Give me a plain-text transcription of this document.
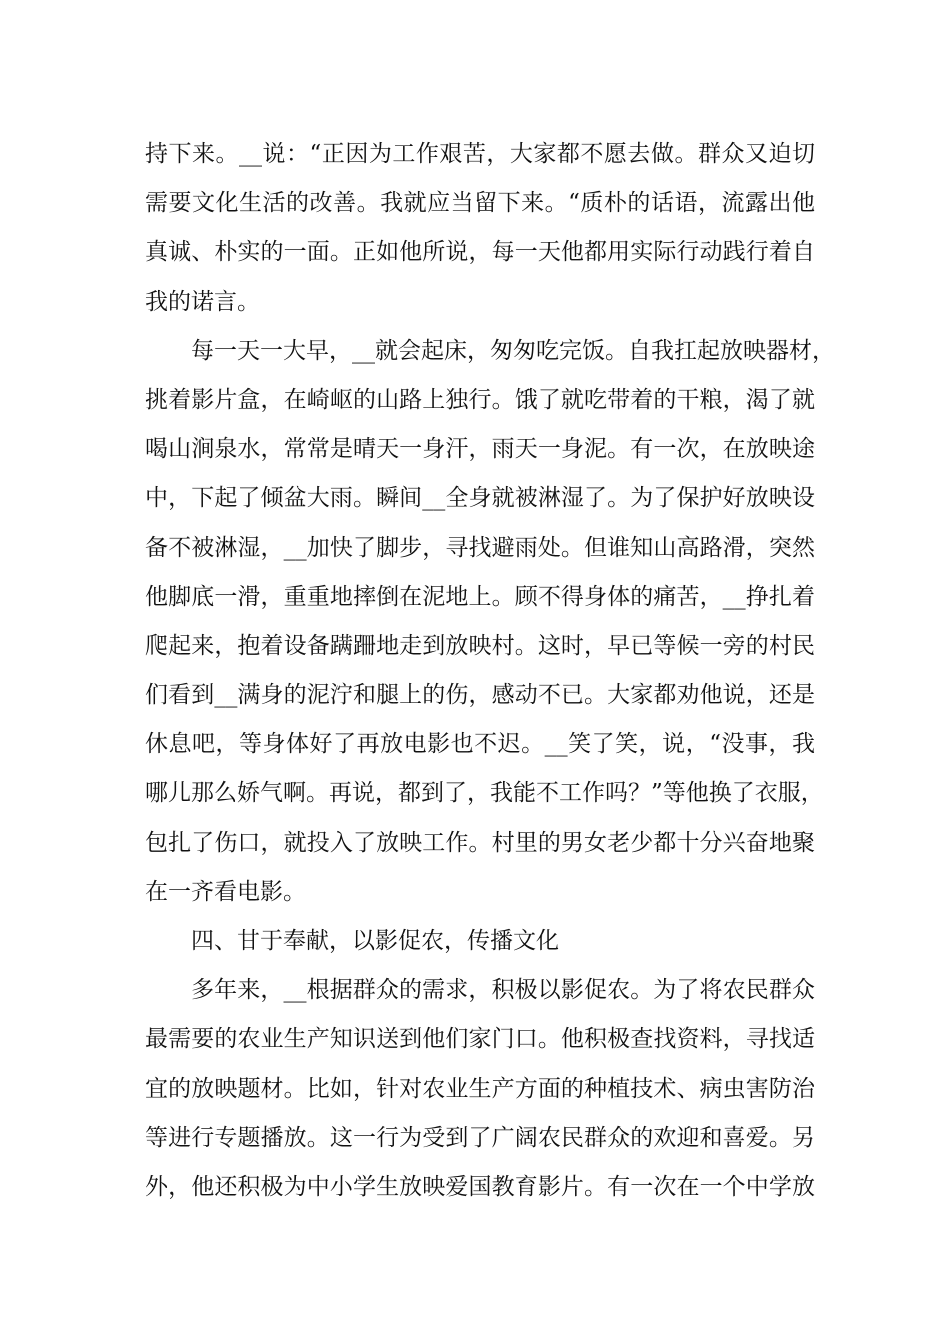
持下来。__说：“正因为工作艰苦，大家都不愿去做。群众又迫切
需要文化生活的改善。我就应当留下来。“质朴的话语，流露出他
真诚、朴实的一面。正如他所说，每一天他都用实际行动践行着自
我的诺言。
每一天一大早，__就会起床，匆匆吃完饭。自我扛起放映器材，
挑着影片盒，在崎岖的山路上独行。饿了就吃带着的干粮，渴了就
喝山涧泉水，常常是晴天一身汗，雨天一身泥。有一次，在放映途
中，下起了倾盆大雨。瞬间__全身就被淋湿了。为了保护好放映设
备不被淋湿，__加快了脚步，寻找避雨处。但谁知山高路滑，突然
他脚底一滑，重重地摔倒在泥地上。顾不得身体的痛苦，__挣扎着
爬起来，抱着设备蹒跚地走到放映村。这时，早已等候一旁的村民
们看到__满身的泥泞和腿上的伤，感动不已。大家都劝他说，还是
休息吧，等身体好了再放电影也不迟。__笑了笑，说，“没事，我
哪儿那么娇气啊。再说，都到了，我能不工作吗？”等他换了衣服，
包扎了伤口，就投入了放映工作。村里的男女老少都十分兴奋地聚
在一齐看电影。
四、甘于奉献，以影促农，传播文化
多年来，__根据群众的需求，积极以影促农。为了将农民群众
最需要的农业生产知识送到他们家门口。他积极查找资料，寻找适
宜的放映题材。比如，针对农业生产方面的种植技术、病虫害防治
等进行专题播放。这一行为受到了广阔农民群众的欢迎和喜爱。另
外，他还积极为中小学生放映爱国教育影片。有一次在一个中学放
